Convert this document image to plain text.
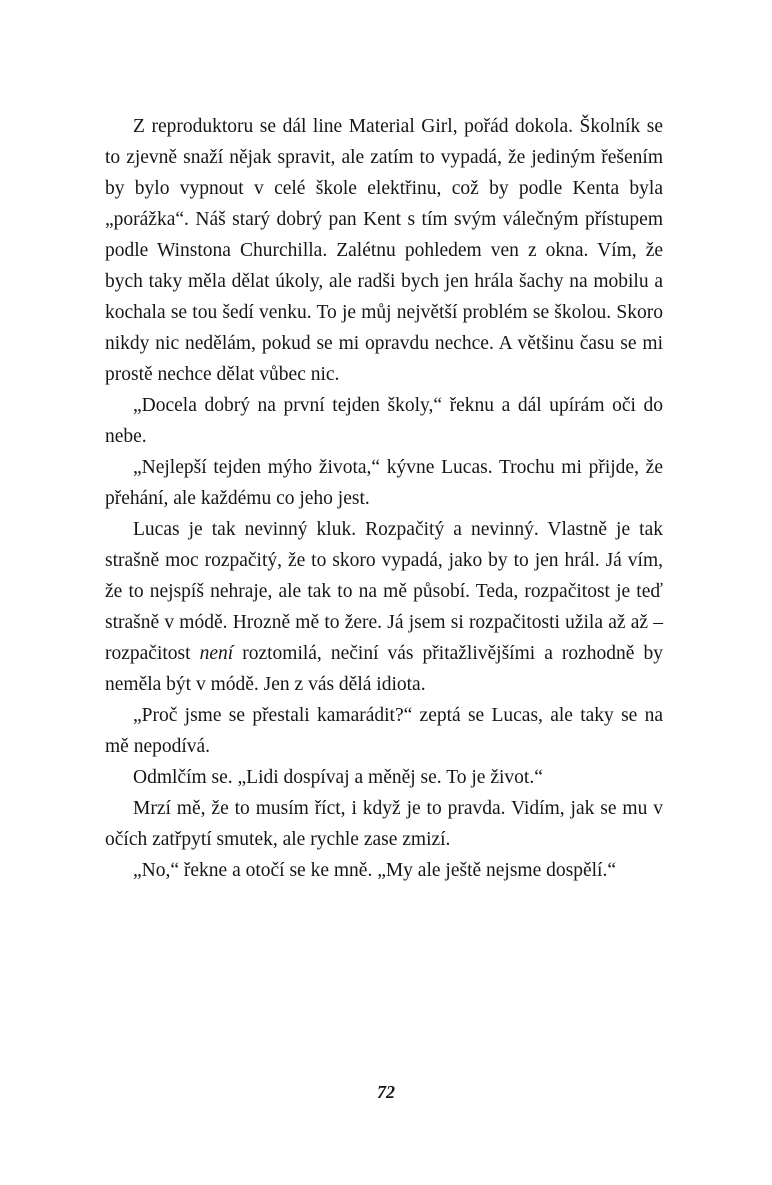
Z reproduktoru se dál line Material Girl, pořád dokola. Školník se to zjevně snaží nějak spravit, ale zatím to vypadá, že jediným řešením by bylo vypnout v celé škole elektřinu, což by podle Kenta byla „porážka“. Náš starý dobrý pan Kent s tím svým válečným přístupem podle Winstona Churchilla. Zalétnu pohledem ven z okna. Vím, že bych taky měla dělat úkoly, ale radši bych jen hrála šachy na mobilu a kochala se tou šedí venku. To je můj největší problém se školou. Skoro nikdy nic nedělám, pokud se mi opravdu nechce. A většinu času se mi prostě nechce dělat vůbec nic.

„Docela dobrý na první tejden školy,“ řeknu a dál upírám oči do nebe.

„Nejlepší tejden mýho života,“ kývne Lucas. Trochu mi přijde, že přehání, ale každému co jeho jest.

Lucas je tak nevinný kluk. Rozpačitý a nevinný. Vlastně je tak strašně moc rozpačitý, že to skoro vypadá, jako by to jen hrál. Já vím, že to nejspíš nehraje, ale tak to na mě působí. Teda, rozpačitost je teď strašně v módě. Hrozně mě to žere. Já jsem si rozpačitosti užila až až – rozpačitost není roztomilá, nečiní vás přitažlivějšími a rozhodně by neměla být v módě. Jen z vás dělá idiota.

„Proč jsme se přestali kamarádit?“ zeptá se Lucas, ale taky se na mě nepodívá.

Odmlčím se. „Lidi dospívaj a měněj se. To je život.“

Mrzí mě, že to musím říct, i když je to pravda. Vidím, jak se mu v očích zatřpytí smutek, ale rychle zase zmizí.

„No,“ řekne a otočí se ke mně. „My ale ještě nejsme dospělí.“

72
